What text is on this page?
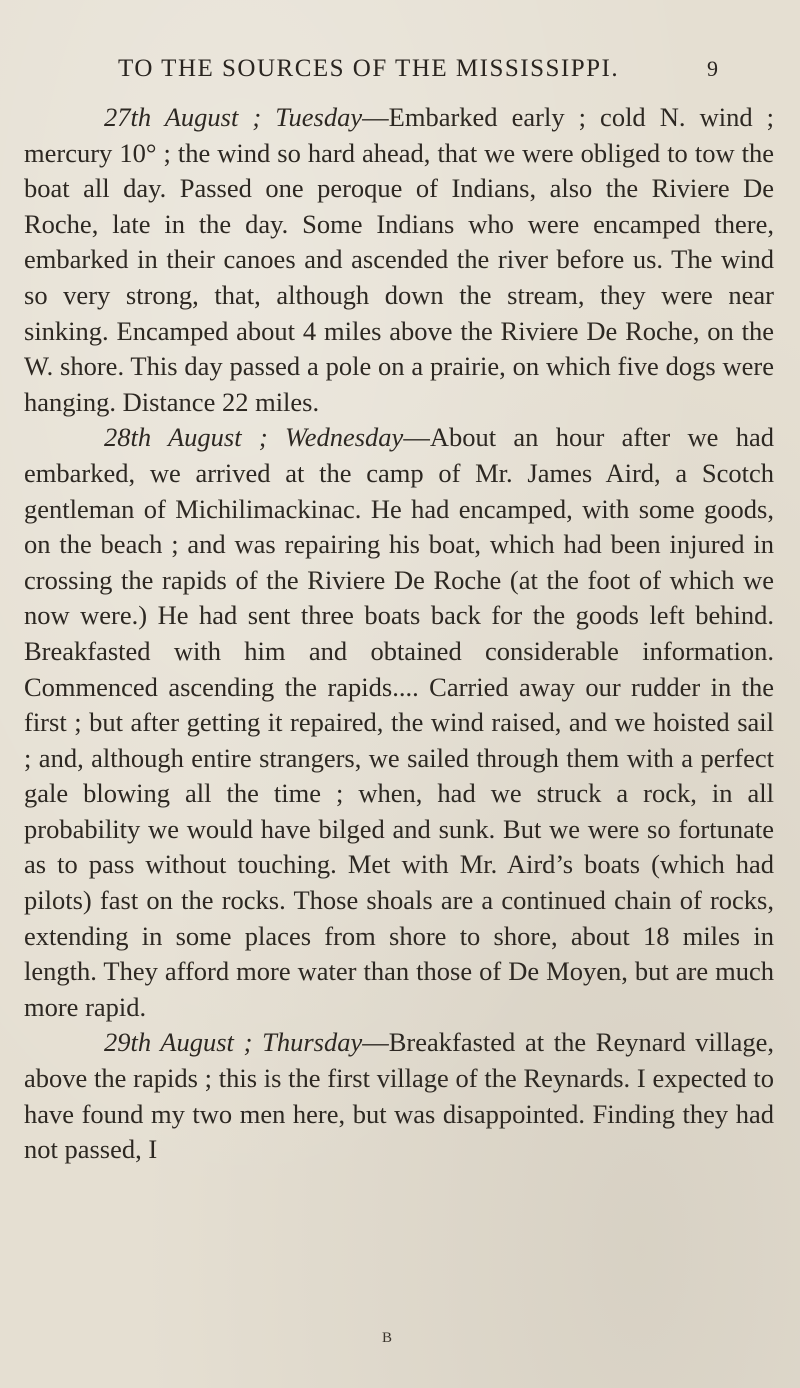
TO THE SOURCES OF THE MISSISSIPPI.	9

27th August ; Tuesday—Embarked early ; cold N. wind ; mercury 10° ; the wind so hard ahead, that we were obliged to tow the boat all day. Passed one peroque of Indians, also the Riviere De Roche, late in the day. Some Indians who were encamped there, embarked in their canoes and ascended the river before us. The wind so very strong, that, although down the stream, they were near sinking. Encamped about 4 miles above the Riviere De Roche, on the W. shore. This day passed a pole on a prairie, on which five dogs were hanging. Distance 22 miles.

28th August ; Wednesday—About an hour after we had embarked, we arrived at the camp of Mr. James Aird, a Scotch gentleman of Michilimackinac. He had encamped, with some goods, on the beach ; and was repairing his boat, which had been injured in crossing the rapids of the Riviere De Roche (at the foot of which we now were.) He had sent three boats back for the goods left behind. Breakfasted with him and obtained considerable information. Commenced ascending the rapids.... Carried away our rudder in the first ; but after getting it repaired, the wind raised, and we hoisted sail ; and, although entire strangers, we sailed through them with a perfect gale blowing all the time ; when, had we struck a rock, in all probability we would have bilged and sunk. But we were so fortunate as to pass without touching. Met with Mr. Aird’s boats (which had pilots) fast on the rocks. Those shoals are a continued chain of rocks, extending in some places from shore to shore, about 18 miles in length. They afford more water than those of De Moyen, but are much more rapid.

29th August ; Thursday—Breakfasted at the Reynard village, above the rapids ; this is the first village of the Reynards. I expected to have found my two men here, but was disappointed. Finding they had not passed, I

B
